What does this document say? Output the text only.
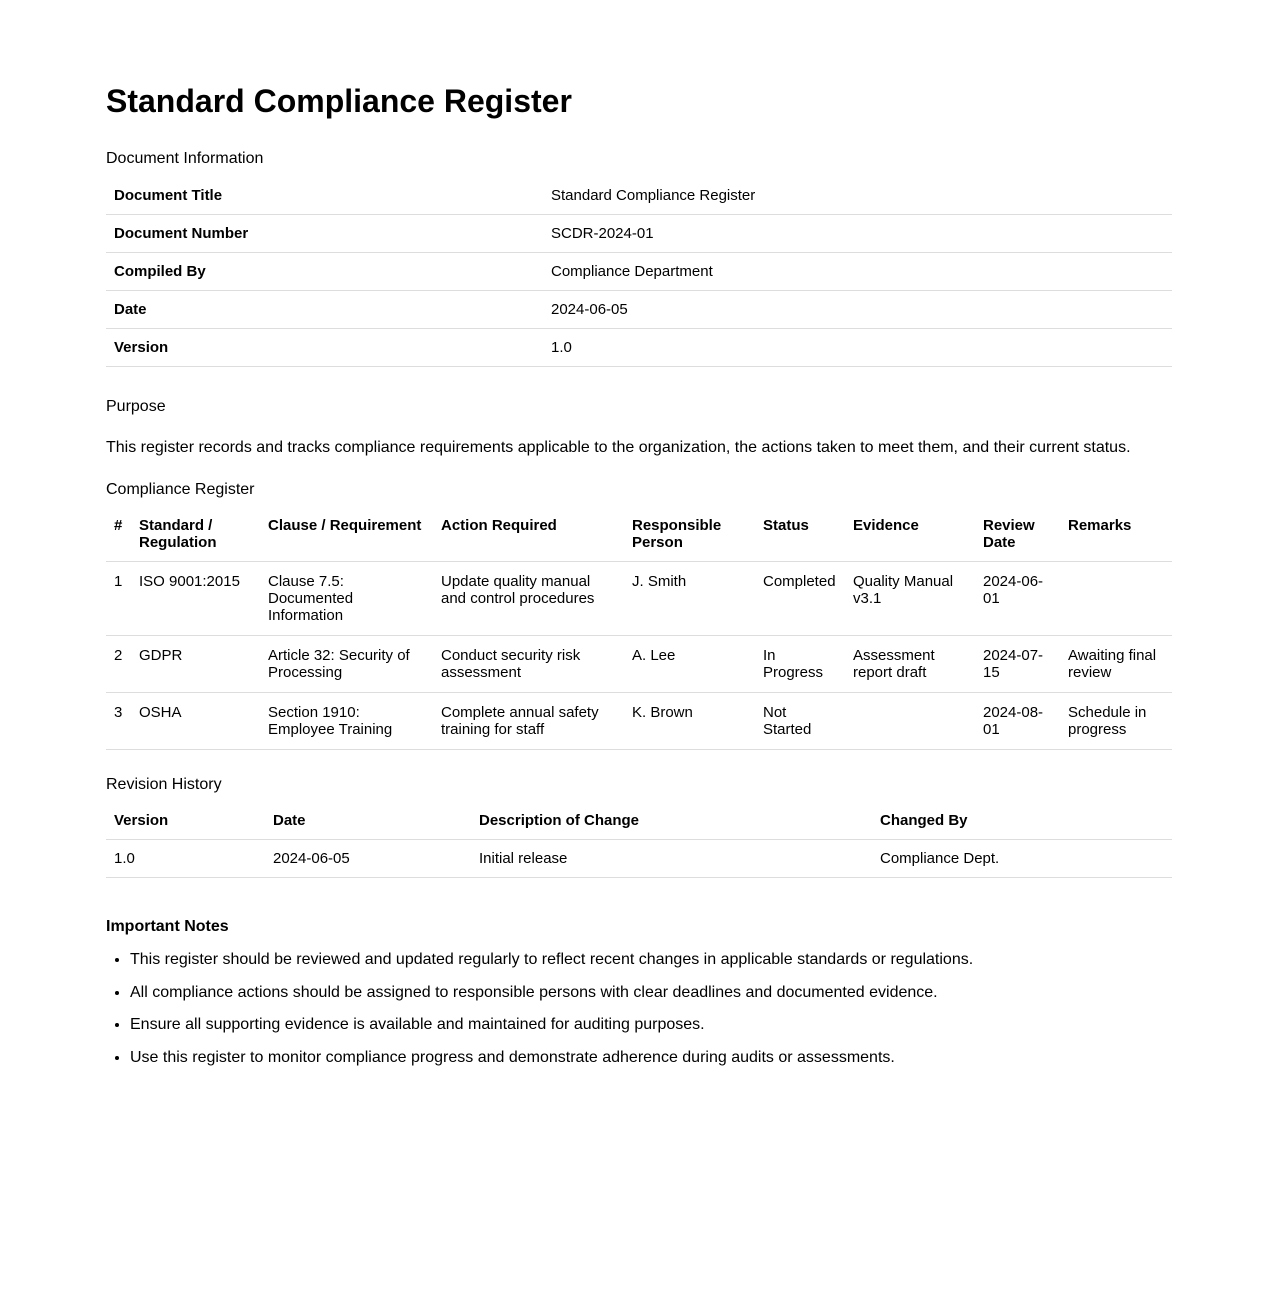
Standard Compliance Register
Document Information
Document Title	Standard Compliance Register
Document Number	SCDR-2024-01
Compiled By	Compliance Department
Date	2024-06-05
Version	1.0
Purpose

This register records and tracks compliance requirements applicable to the organization, the actions taken to meet them, and their current status.

Compliance Register
#	Standard / Regulation	Clause / Requirement	Action Required	Responsible Person	Status	Evidence	Review Date	Remarks
1	ISO 9001:2015	Clause 7.5: Documented Information	Update quality manual and control procedures	J. Smith	Completed	Quality Manual v3.1	2024-06-01	
2	GDPR	Article 32: Security of Processing	Conduct security risk assessment	A. Lee	In Progress	Assessment report draft	2024-07-15	Awaiting final review
3	OSHA	Section 1910: Employee Training	Complete annual safety training for staff	K. Brown	Not Started		2024-08-01	Schedule in progress
Revision History
Version	Date	Description of Change	Changed By
1.0	2024-06-05	Initial release	Compliance Dept.
Important Notes
• This register should be reviewed and updated regularly to reflect recent changes in applicable standards or regulations.
• All compliance actions should be assigned to responsible persons with clear deadlines and documented evidence.
• Ensure all supporting evidence is available and maintained for auditing purposes.
• Use this register to monitor compliance progress and demonstrate adherence during audits or assessments.
